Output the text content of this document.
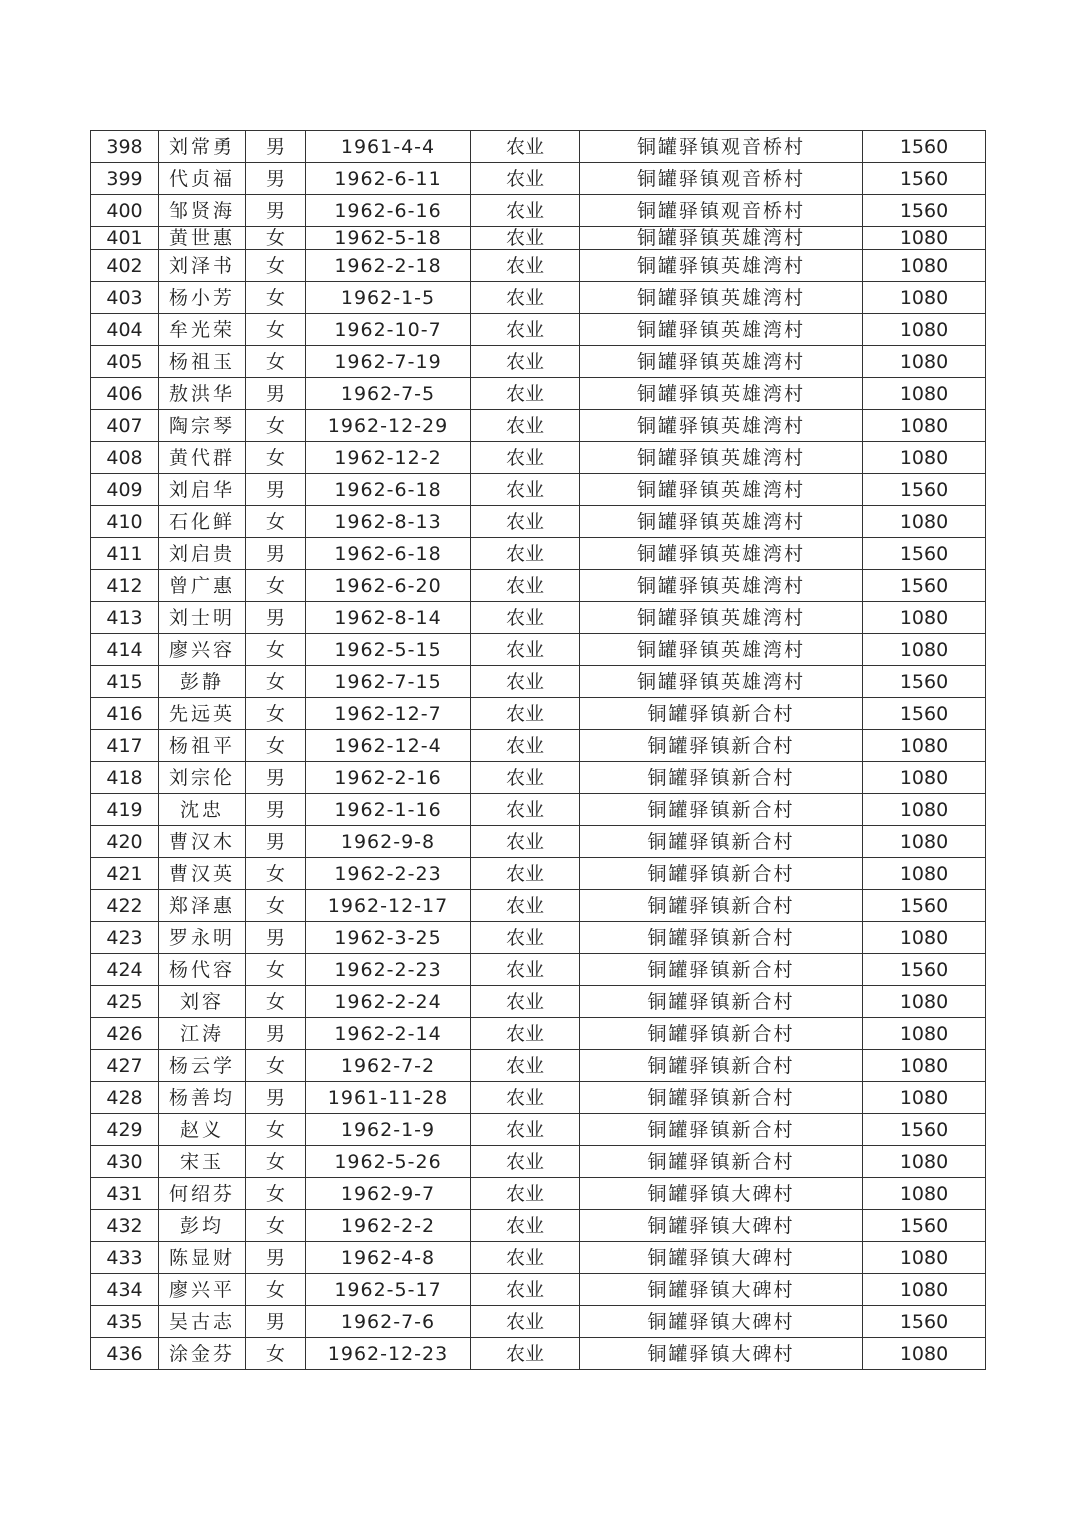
398	刘常勇	男	1961-4-4	农业	铜罐驿镇观音桥村	1560
399	代贞福	男	1962-6-11	农业	铜罐驿镇观音桥村	1560
400	邹贤海	男	1962-6-16	农业	铜罐驿镇观音桥村	1560
401	黄世惠	女	1962-5-18	农业	铜罐驿镇英雄湾村	1080
402	刘泽书	女	1962-2-18	农业	铜罐驿镇英雄湾村	1080
403	杨小芳	女	1962-1-5	农业	铜罐驿镇英雄湾村	1080
404	牟光荣	女	1962-10-7	农业	铜罐驿镇英雄湾村	1080
405	杨祖玉	女	1962-7-19	农业	铜罐驿镇英雄湾村	1080
406	敖洪华	男	1962-7-5	农业	铜罐驿镇英雄湾村	1080
407	陶宗琴	女	1962-12-29	农业	铜罐驿镇英雄湾村	1080
408	黄代群	女	1962-12-2	农业	铜罐驿镇英雄湾村	1080
409	刘启华	男	1962-6-18	农业	铜罐驿镇英雄湾村	1560
410	石化鲜	女	1962-8-13	农业	铜罐驿镇英雄湾村	1080
411	刘启贵	男	1962-6-18	农业	铜罐驿镇英雄湾村	1560
412	曾广惠	女	1962-6-20	农业	铜罐驿镇英雄湾村	1560
413	刘士明	男	1962-8-14	农业	铜罐驿镇英雄湾村	1080
414	廖兴容	女	1962-5-15	农业	铜罐驿镇英雄湾村	1080
415	彭静	女	1962-7-15	农业	铜罐驿镇英雄湾村	1560
416	先远英	女	1962-12-7	农业	铜罐驿镇新合村	1560
417	杨祖平	女	1962-12-4	农业	铜罐驿镇新合村	1080
418	刘宗伦	男	1962-2-16	农业	铜罐驿镇新合村	1080
419	沈忠	男	1962-1-16	农业	铜罐驿镇新合村	1080
420	曹汉木	男	1962-9-8	农业	铜罐驿镇新合村	1080
421	曹汉英	女	1962-2-23	农业	铜罐驿镇新合村	1080
422	郑泽惠	女	1962-12-17	农业	铜罐驿镇新合村	1560
423	罗永明	男	1962-3-25	农业	铜罐驿镇新合村	1080
424	杨代容	女	1962-2-23	农业	铜罐驿镇新合村	1560
425	刘容	女	1962-2-24	农业	铜罐驿镇新合村	1080
426	江涛	男	1962-2-14	农业	铜罐驿镇新合村	1080
427	杨云学	女	1962-7-2	农业	铜罐驿镇新合村	1080
428	杨善均	男	1961-11-28	农业	铜罐驿镇新合村	1080
429	赵义	女	1962-1-9	农业	铜罐驿镇新合村	1560
430	宋玉	女	1962-5-26	农业	铜罐驿镇新合村	1080
431	何绍芬	女	1962-9-7	农业	铜罐驿镇大碑村	1080
432	彭均	女	1962-2-2	农业	铜罐驿镇大碑村	1560
433	陈显财	男	1962-4-8	农业	铜罐驿镇大碑村	1080
434	廖兴平	女	1962-5-17	农业	铜罐驿镇大碑村	1080
435	吴古志	男	1962-7-6	农业	铜罐驿镇大碑村	1560
436	涂金芬	女	1962-12-23	农业	铜罐驿镇大碑村	1080
